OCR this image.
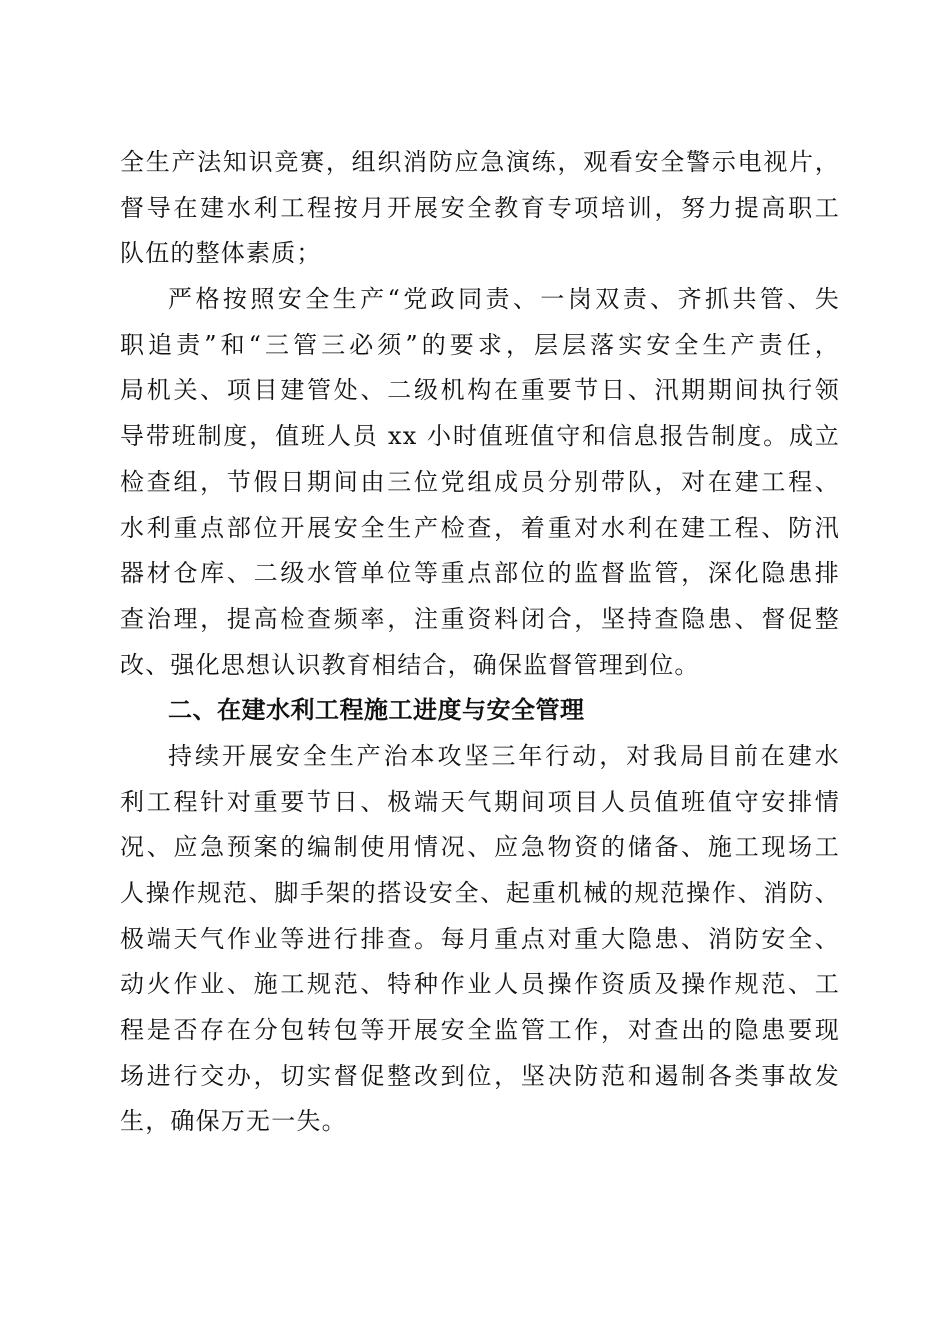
全生产法知识竞赛，组织消防应急演练，观看安全警示电视片，
督导在建水利工程按月开展安全教育专项培训，努力提高职工
队伍的整体素质；
严格按照安全生产“党政同责、一岗双责、齐抓共管、失
职追责”和“三管三必须”的要求，层层落实安全生产责任，
局机关、项目建管处、二级机构在重要节日、汛期期间执行领
导带班制度，值班人员 xx 小时值班值守和信息报告制度。成立
检查组，节假日期间由三位党组成员分别带队，对在建工程、
水利重点部位开展安全生产检查，着重对水利在建工程、防汛
器材仓库、二级水管单位等重点部位的监督监管，深化隐患排
查治理，提高检查频率，注重资料闭合，坚持查隐患、督促整
改、强化思想认识教育相结合，确保监督管理到位。
二、在建水利工程施工进度与安全管理
持续开展安全生产治本攻坚三年行动，对我局目前在建水
利工程针对重要节日、极端天气期间项目人员值班值守安排情
况、应急预案的编制使用情况、应急物资的储备、施工现场工
人操作规范、脚手架的搭设安全、起重机械的规范操作、消防、
极端天气作业等进行排查。每月重点对重大隐患、消防安全、
动火作业、施工规范、特种作业人员操作资质及操作规范、工
程是否存在分包转包等开展安全监管工作，对查出的隐患要现
场进行交办，切实督促整改到位，坚决防范和遏制各类事故发
生，确保万无一失。
